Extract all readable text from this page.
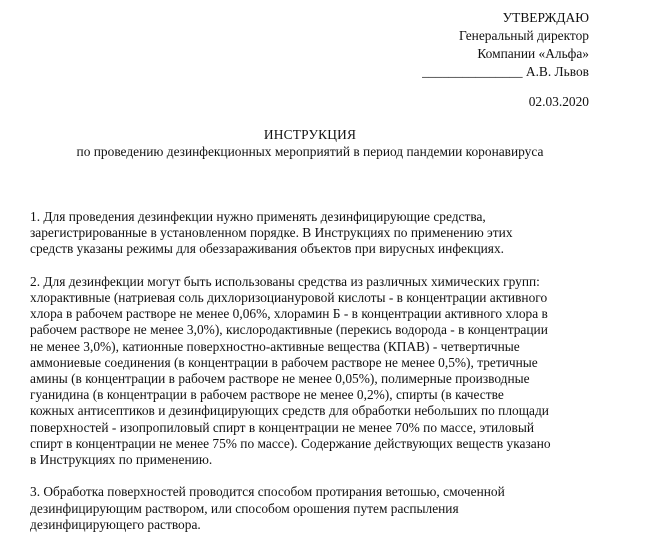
УТВЕРЖДАЮ
Генеральный директор
Компании «Альфа»
_______________ А.В. Львов
02.03.2020
ИНСТРУКЦИЯ
по проведению дезинфекционных мероприятий в период пандемии коронавируса

1. Для проведения дезинфекции нужно применять дезинфицирующие средства,
зарегистрированные в установленном порядке. В Инструкциях по применению этих
средств указаны режимы для обеззараживания объектов при вирусных инфекциях.

2. Для дезинфекции могут быть использованы средства из различных химических групп:
хлорактивные (натриевая соль дихлоризоциануровой кислоты - в концентрации активного
хлора в рабочем растворе не менее 0,06%, хлорамин Б - в концентрации активного хлора в
рабочем растворе не менее 3,0%), кислородактивные (перекись водорода - в концентрации
не менее 3,0%), катионные поверхностно-активные вещества (КПАВ) - четвертичные
аммониевые соединения (в концентрации в рабочем растворе не менее 0,5%), третичные
амины (в концентрации в рабочем растворе не менее 0,05%), полимерные производные
гуанидина (в концентрации в рабочем растворе не менее 0,2%), спирты (в качестве
кожных антисептиков и дезинфицирующих средств для обработки небольших по площади
поверхностей - изопропиловый спирт в концентрации не менее 70% по массе, этиловый
спирт в концентрации не менее 75% по массе). Содержание действующих веществ указано
в Инструкциях по применению.

3. Обработка поверхностей проводится способом протирания ветошью, смоченной
дезинфицирующим раствором, или способом орошения путем распыления
дезинфицирующего раствора.
